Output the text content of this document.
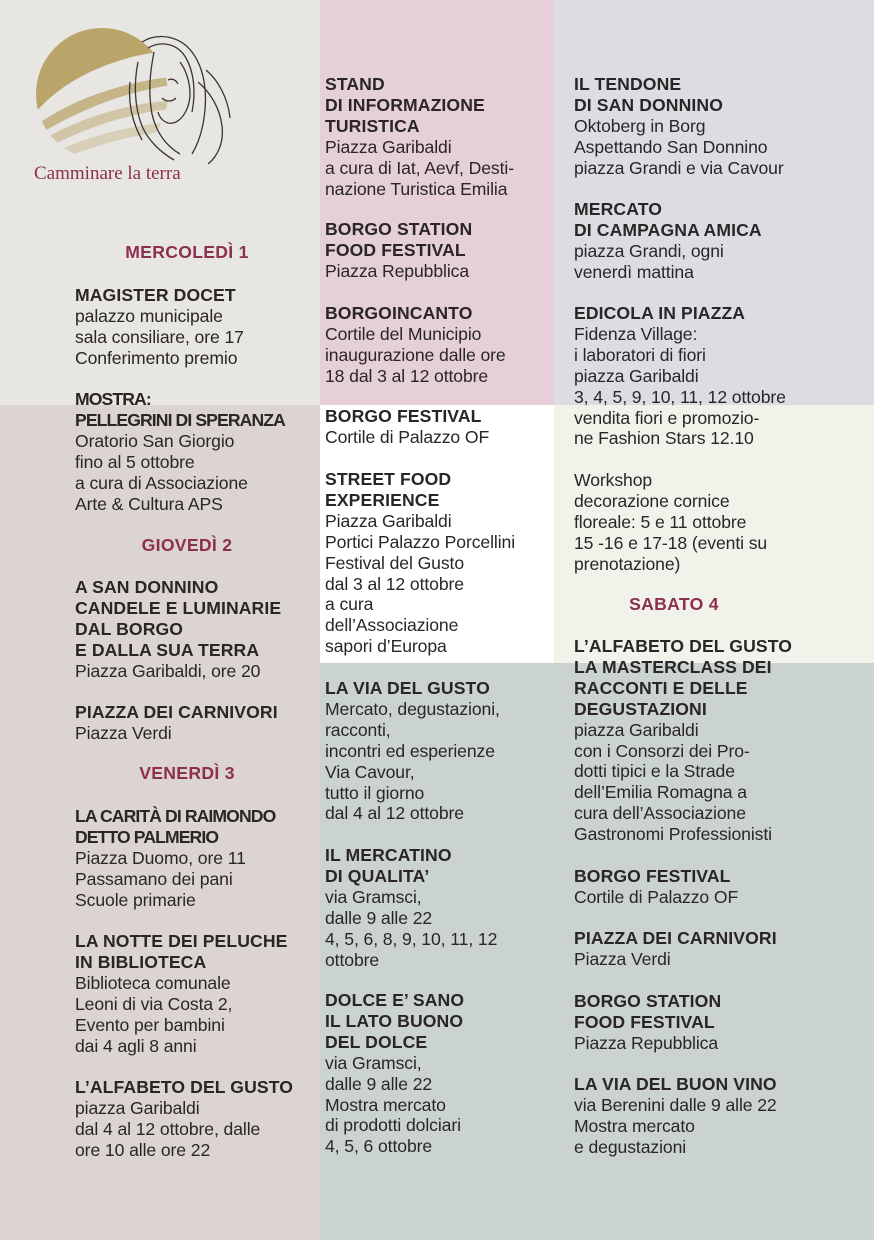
Camminare la terra
MERCOLEDÌ 1
GIOVEDÌ 2
VENERDÌ 3
SABATO 4
MAGISTER DOCET
palazzo municipale
sala consiliare, ore 17
Conferimento premio
MOSTRA:
PELLEGRINI DI SPERANZA
Oratorio San Giorgio
fino al 5 ottobre
a cura di Associazione
Arte & Cultura APS
A SAN DONNINO
CANDELE E LUMINARIE
DAL BORGO
E DALLA SUA TERRA
Piazza Garibaldi, ore 20
PIAZZA DEI CARNIVORI
Piazza Verdi
LA CARITÀ DI RAIMONDO
DETTO PALMERIO
Piazza Duomo, ore 11
Passamano dei pani
Scuole primarie
LA NOTTE DEI PELUCHE
IN BIBLIOTECA
Biblioteca comunale
Leoni di via Costa 2,
Evento per bambini
dai 4 agli 8 anni
L’ALFABETO DEL GUSTO
piazza Garibaldi
dal 4 al 12 ottobre, dalle
ore 10 alle ore 22
STAND
DI INFORMAZIONE
TURISTICA
Piazza Garibaldi
a cura di Iat, Aevf, Desti-
nazione Turistica Emilia
BORGO STATION
FOOD FESTIVAL
Piazza Repubblica
BORGOINCANTO
Cortile del Municipio
inaugurazione dalle ore
18 dal 3 al 12 ottobre
BORGO FESTIVAL
Cortile di Palazzo OF
STREET FOOD
EXPERIENCE
Piazza Garibaldi
Portici Palazzo Porcellini
Festival del Gusto
dal 3 al 12 ottobre
a cura
dell’Associazione
sapori d’Europa
LA VIA DEL GUSTO
Mercato, degustazioni,
racconti,
incontri ed esperienze
Via Cavour,
tutto il giorno
dal 4 al 12 ottobre
IL MERCATINO
DI QUALITA’
via Gramsci,
dalle 9 alle 22
4, 5, 6, 8, 9, 10, 11, 12
ottobre
DOLCE E’ SANO
IL LATO BUONO
DEL DOLCE
via Gramsci,
dalle 9 alle 22
Mostra mercato
di prodotti dolciari
4, 5, 6 ottobre
IL TENDONE
DI SAN DONNINO
Oktoberg in Borg
Aspettando San Donnino
piazza Grandi e via Cavour
MERCATO
DI CAMPAGNA AMICA
piazza Grandi, ogni
venerdì mattina
EDICOLA IN PIAZZA
Fidenza Village:
i laboratori di fiori
piazza Garibaldi
3, 4, 5, 9, 10, 11, 12 ottobre
vendita fiori e promozio-
ne Fashion Stars 12.10
Workshop
decorazione cornice
floreale: 5 e 11 ottobre
15 -16 e 17-18 (eventi su
prenotazione)
L’ALFABETO DEL GUSTO
LA MASTERCLASS DEI
RACCONTI E DELLE
DEGUSTAZIONI
piazza Garibaldi
con i Consorzi dei Pro-
dotti tipici e la Strade
dell’Emilia Romagna a
cura dell’Associazione
Gastronomi Professionisti
BORGO FESTIVAL
Cortile di Palazzo OF
PIAZZA DEI CARNIVORI
Piazza Verdi
BORGO STATION
FOOD FESTIVAL
Piazza Repubblica
LA VIA DEL BUON VINO
via Berenini dalle 9 alle 22
Mostra mercato
e degustazioni
